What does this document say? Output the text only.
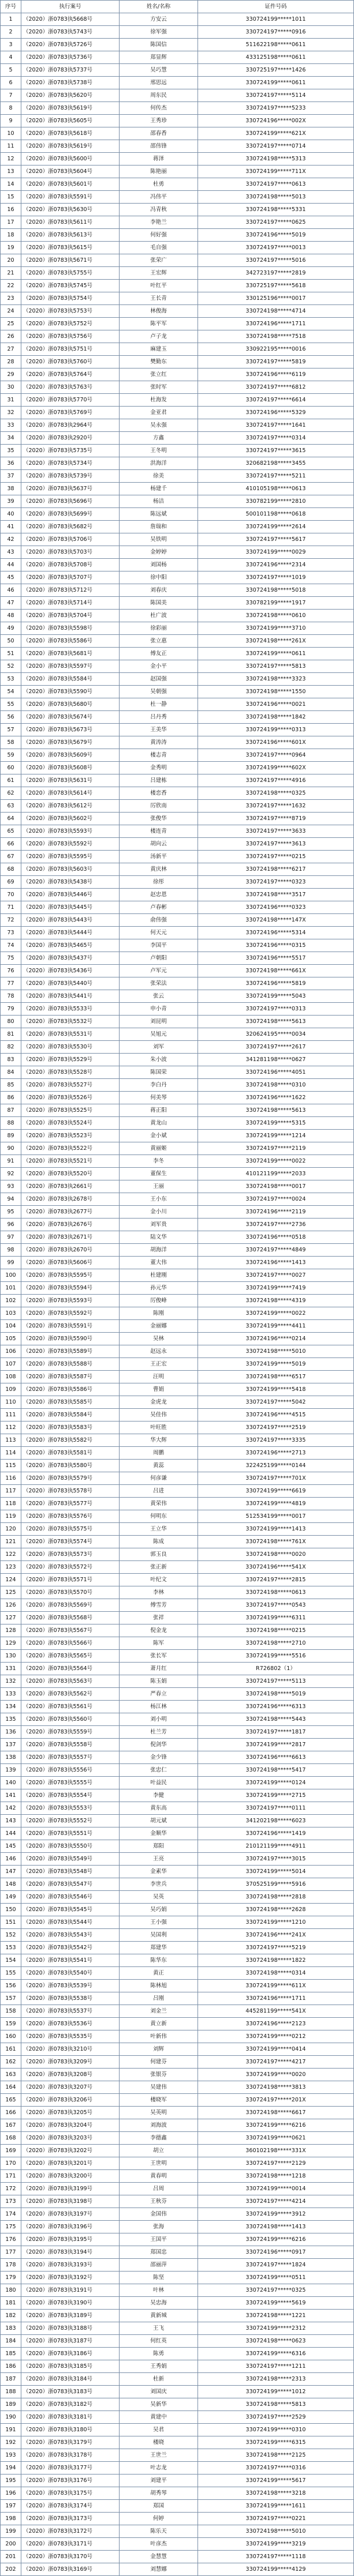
序号	执行案号	姓名/名称	证件号码
1	（2020）浙0783执5668号	方安云	330724199*****1011
2	（2020）浙0783执5743号	徐军强	330724197*****0916
3	（2020）浙0783执5726号	陈国信	511622198*****0611
4	（2020）浙0783执5736号	郑显辉	433125198*****0611
5	（2020）浙0783执5737号	吴巧慧	330725197*****1426
6	（2020）浙0783执5738号	邢思远	330724199*****0611
7	（2020）浙0783执5620号	周东民	330724197*****5114
8	（2020）浙0783执5619号	何传杰	330724197*****5233
9	（2020）浙0783执5605号	王秀珍	330724196*****002X
10	（2020）浙0783执5618号	邵春香	330724199*****621X
11	（2020）浙0783执5619号	邵伟锋	330724197*****0714
12	（2020）浙0783执5600号	蒋泽	330724198*****5313
13	（2020）浙0783执5604号	陈艳丽	330724199*****711X
14	（2020）浙0783执5601号	杜勇	330724197*****0613
15	（2020）浙0783执5591号	冯伟平	330724198*****5013
16	（2020）浙0783执5630号	冯青秋	330724198*****5331
17	（2020）浙0783执5611号	李艳兰	330724197*****0625
18	（2020）浙0783执5613号	何好强	330724196*****5019
19	（2020）浙0783执5615号	毛自强	330724197*****0013
20	（2020）浙0783执5671号	张荣广	330724197*****5016
21	（2020）浙0783执5755号	王宏辉	342723197*****2819
22	（2020）浙0783执5745号	叶红平	330725197*****5618
23	（2020）浙0783执5754号	王长青	330125196*****0017
24	（2020）浙0783执5753号	林俊海	330724198*****4714
25	（2020）浙0783执5752号	陈平军	330724196*****1711
26	（2020）浙0783执5756号	卢子龙	330724198*****7518
27	（2020）浙0783执5751号	麻建玉	330922195*****0016
28	（2020）浙0783执5760号	樊勤东	330724197*****5819
29	（2020）浙0783执5764号	张立红	330724196*****6119
30	（2020）浙0783执5763号	张时军	330724197*****6812
31	（2020）浙0783执5770号	杜海发	330724197*****6614
32	（2020）浙0783执5769号	金亚君	330724196*****5329
33	（2020）浙0783执2964号	吴永强	330724197*****1641
34	（2020）浙0783执2920号	方鑫	330724197*****0314
35	（2020）浙0783执5735号	王冬明	330724197*****3615
36	（2020）浙0783执5734号	洪海洋	320682198*****3455
37	（2020）浙0783执5739号	徐美	330724197*****5211
38	（2020）浙0783执5637号	杨建千	410105198*****0613
39	（2020）浙0783执5696号	杨洁	330782199*****2810
40	（2020）浙0783执5699号	陈远斌	500101198*****0618
41	（2020）浙0783执5682号	詹瑞和	330724199*****2614
42	（2020）浙0783执5706号	吴铁明	330724197*****5617
43	（2020）浙0783执5703号	金婷婷	330724199*****0029
44	（2020）浙0783执5708号	刘国杨	330724196*****2314
45	（2020）浙0783执5707号	徐中阳	330724197*****1019
46	（2020）浙0783执5712号	刘春庆	330724198*****5018
47	（2020）浙0783执5714号	陈国美	330782199*****1917
48	（2020）浙0783执5704号	杜广波	330724198*****0610
49	（2020）浙0783执5598号	徐彩丽	330724199*****3710
50	（2020）浙0783执5586号	张立惠	330724198*****261X
51	（2020）浙0783执5681号	傅友正	330724199*****0611
52	（2020）浙0783执5597号	金小平	330724197*****5813
53	（2020）浙0783执5584号	赵国强	330724198*****3323
54	（2020）浙0783执5590号	吴朝强	330724198*****1550
55	（2020）浙0783执5680号	杜一静	330724196*****0021
56	（2020）浙0783执5674号	吕丹秀	330724198*****1842
57	（2020）浙0783执5673号	王美华	330724199*****0313
58	（2020）浙0783执5679号	黄涛涛	330724196*****601X
59	（2020）浙0783执5609号	楼志青	330724197*****0964
60	（2020）浙0783执5608号	金秀明	330724199*****602X
61	（2020）浙0783执5631号	吕建栋	330724197*****4916
62	（2020）浙0783执5614号	楼恋香	330724198*****0325
63	（2020）浙0783执5612号	厉欣南	330724197*****1632
64	（2020）浙0783执5602号	张俊华	330724197*****8719
65	（2020）浙0783执5593号	楼连青	330724197*****3633
66	（2020）浙0783执5592号	胡向云	330724197*****3613
67	（2020）浙0783执5595号	汤新平	330724197*****0215
68	（2020）浙0783执5603号	黄庆林	330724198*****6217
69	（2020）浙0783执5438号	徐彤	330724197*****0323
70	（2020）浙0783执5446号	赵忠恩	330724198*****3517
71	（2020）浙0783执5445号	卢春彬	330724196*****0323
72	（2020）浙0783执5443号	俞伟强	330724198*****147X
73	（2020）浙0783执5444号	何天元	330724196*****5314
74	（2020）浙0783执5465号	李国平	330724196*****0315
75	（2020）浙0783执5437号	卢朝阳	330724196*****5517
76	（2020）浙0783执5436号	卢军元	330724198*****661X
77	（2020）浙0783执5440号	张荣法	330724196*****5819
78	（2020）浙0783执5441号	张云	330724199*****5043
79	（2020）浙0783执5533号	申小青	330724197*****0313
80	（2020）浙0783执5532号	刘昆明	330724198*****5613
81	（2020）浙0783执5531号	吴旭元	320624195*****0034
82	（2020）浙0783执5530号	刘军	330724197*****2617
83	（2020）浙0783执5529号	朱小波	341281198*****0627
84	（2020）浙0783执5528号	陈国荣	330724196*****4051
85	（2020）浙0783执5527号	李白丹	330724198*****0310
86	（2020）浙0783执5526号	何美琴	330724196*****1622
87	（2020）浙0783执5525号	蒋正阳	330724198*****5613
88	（2020）浙0783执5524号	黄龙山	330724199*****5315
89	（2020）浙0783执5523号	金小斌	330724199*****1214
90	（2020）浙0783执5522号	黄丽姬	330724197*****2119
91	（2020）浙0783执5521号	李冬	330724199*****0022
92	（2020）浙0783执5520号	董保生	410121199*****2033
93	（2020）浙0783执2661号	王丽	330724198*****0017
94	（2020）浙0783执2678号	王小东	330724197*****0024
95	（2020）浙0783执2677号	金小川	330724196*****2119
96	（2020）浙0783执2676号	刘军贵	330724197*****2736
97	（2020）浙0783执2671号	陆文华	330724196*****0518
98	（2020）浙0783执2670号	胡海洋	330724197*****4849
99	（2020）浙0783执5606号	董大伟	330724196*****1413
100	（2020）浙0783执5595号	杜建刚	330724197*****0027
101	（2020）浙0783执5594号	孙元华	330724199*****7419
102	（2020）浙0783执5593号	厉俊峰	330724198*****4319
103	（2020）浙0783执5592号	陈刚	330724199*****0022
104	（2020）浙0783执5591号	金丽娜	330724199*****4411
105	（2020）浙0783执5590号	吴林	330724196*****0214
106	（2020）浙0783执5589号	赵远永	330724198*****5010
107	（2020）浙0783执5588号	王正宏	330724199*****5019
108	（2020）浙0783执5587号	汪明	330724198*****6517
109	（2020）浙0783执5586号	曹娟	330724199*****5418
110	（2020）浙0783执5585号	金虎龙	330724197*****5042
111	（2020）浙0783执5584号	吴佳伟	330724196*****4515
112	（2020）浙0783执5583号	叶旺胜	330724197*****2519
113	（2020）浙0783执5582号	华大辉	330724197*****3335
114	（2020）浙0783执5581号	周鹏	330724196*****2713
115	（2020）浙0783执5580号	黄蕊	322425199*****0144
116	（2020）浙0783执5579号	何彦谦	330724197*****701X
117	（2020）浙0783执5578号	吕进	330724199*****6619
118	（2020）浙0783执5577号	黄荣伟	330724199*****4819
119	（2020）浙0783执5576号	何明东	512534199*****0017
120	（2020）浙0783执5575号	王立华	330724199*****1413
121	（2020）浙0783执5574号	陈成	330724198*****761X
122	（2020）浙0783执5573号	郭玉良	330724198*****0020
123	（2020）浙0783执5572号	张正新	330724196*****541X
124	（2020）浙0783执5571号	叶纪文	330724197*****2815
125	（2020）浙0783执5570号	李林	330724198*****0613
126	（2020）浙0783执5569号	傅雪芳	330724197*****0543
127	（2020）浙0783执5568号	张祥	330724199*****6311
128	（2020）浙0783执5567号	倪金龙	330724198*****0215
129	（2020）浙0783执5566号	陈军	330724198*****2710
130	（2020）浙0783执5565号	张长军	330724199*****5516
131	（2020）浙0783执5564号	萧月红	R726802（1）
132	（2020）浙0783执5563号	陈玉娟	330724197*****5113
133	（2020）浙0783执5562号	严春立	330724198*****5019
134	（2020）浙0783执5561号	杨江林	330724196*****6313
135	（2020）浙0783执5560号	刘小明	330724198*****5443
136	（2020）浙0783执5559号	杜兰芳	330724197*****1817
137	（2020）浙0783执5558号	倪剑华	330724199*****2817
138	（2020）浙0783执5557号	金少锋	330724196*****6613
139	（2020）浙0783执5556号	张忠仁	330724198*****5417
140	（2020）浙0783执5555号	叶益民	330724199*****0124
141	（2020）浙0783执5554号	李健	330724199*****2715
142	（2020）浙0783执5553号	黄东高	330724197*****0111
143	（2020）浙0783执5552号	胡元斌	341202198*****6023
144	（2020）浙0783执5551号	金顺华	330724196*****1419
145	（2020）浙0783执5550号	郑阳	210121199*****4911
146	（2020）浙0783执5549号	王亮	330724197*****3015
147	（2020）浙0783执5548号	金素华	330724199*****5014
148	（2020）浙0783执5547号	李世兵	370525199*****5916
149	（2020）浙0783执5546号	吴英	330724198*****2818
150	（2020）浙0783执5545号	吴巧娟	330724198*****2628
151	（2020）浙0783执5544号	王小强	330724199*****1210
152	（2020）浙0783执5543号	吴国利	330724196*****241X
153	（2020）浙0783执5542号	郑建华	330724197*****5219
154	（2020）浙0783执5541号	陈华东	330724198*****1822
155	（2020）浙0783执5540号	黄正	330724198*****0314
156	（2020）浙0783执5539号	陈林旭	330724199*****611X
157	（2020）浙0783执5538号	吕刚	330724196*****1711
158	（2020）浙0783执5537号	刘金兰	445281199*****541X
159	（2020）浙0783执5536号	黄立新	330724196*****2123
160	（2020）浙0783执5535号	叶新伟	330724199*****0212
161	（2020）浙0783执3210号	刘辉	330724199*****0414
162	（2020）浙0783执3209号	何建芬	330724197*****4217
163	（2020）浙0783执3208号	张银芬	330724199*****0020
164	（2020）浙0783执3207号	吴建伟	330724198*****3813
165	（2020）浙0783执3206号	楼晓军	330724197*****201X
166	（2020）浙0783执3205号	吴英明	330724198*****6617
167	（2020）浙0783执3204号	刘海波	330724199*****6216
168	（2020）浙0783执3203号	李德鑫	330724199*****0621
169	（2020）浙0783执3202号	胡立	360102198*****331X
170	（2020）浙0783执3201号	王世明	330724197*****2129
171	（2020）浙0783执3200号	黄春明	330724198*****1218
172	（2020）浙0783执3199号	吕周	330724199*****0014
173	（2020）浙0783执3198号	王秋芬	330724197*****4214
174	（2020）浙0783执3197号	金国伟	330724199*****3912
175	（2020）浙0783执3196号	张海	330724198*****1413
176	（2020）浙0783执3195号	王国平	330724199*****6216
177	（2020）浙0783执3194号	郑国忠	330724196*****0917
178	（2020）浙0783执3193号	邵丽萍	330724197*****1824
179	（2020）浙0783执3192号	陈坚	330724199*****0511
180	（2020）浙0783执3191号	叶林	330724197*****0325
181	（2020）浙0783执3190号	吴忠海	330724199*****5619
182	（2020）浙0783执3189号	黄新城	330724198*****1221
183	（2020）浙0783执3188号	王飞	330724199*****2312
184	（2020）浙0783执3187号	何红英	330724198*****0623
185	（2020）浙0783执3186号	陈勇	330724199*****6316
186	（2020）浙0783执3185号	王秀娟	330724197*****1211
187	（2020）浙0783执3184号	杜新	330724198*****2313
188	（2020）浙0783执3183号	刘国庆	330724199*****1012
189	（2020）浙0783执3182号	吴新华	330724198*****5813
190	（2020）浙0783执3181号	黄建中	330724197*****2529
191	（2020）浙0783执3180号	吴君	330724199*****0310
192	（2020）浙0783执3179号	楼晓	330724199*****6315
193	（2020）浙0783执3178号	王世兰	330724198*****2125
194	（2020）浙0783执3177号	叶志龙	330724197*****0316
195	（2020）浙0783执3176号	刘建平	330724199*****5617
196	（2020）浙0783执3175号	胡秀琴	330724198*****3218
197	（2020）浙0783执3174号	郑国	330724199*****1611
198	（2020）浙0783执3173号	何婷	330724197*****0221
199	（2020）浙0783执3172号	陈乐天	330724198*****5010
200	（2020）浙0783执3171号	叶彦杰	330724199*****3219
201	（2020）浙0783执3170号	金慧慧	330724197*****1118
202	（2020）浙0783执3169号	刘慧娜	330724199*****4129
